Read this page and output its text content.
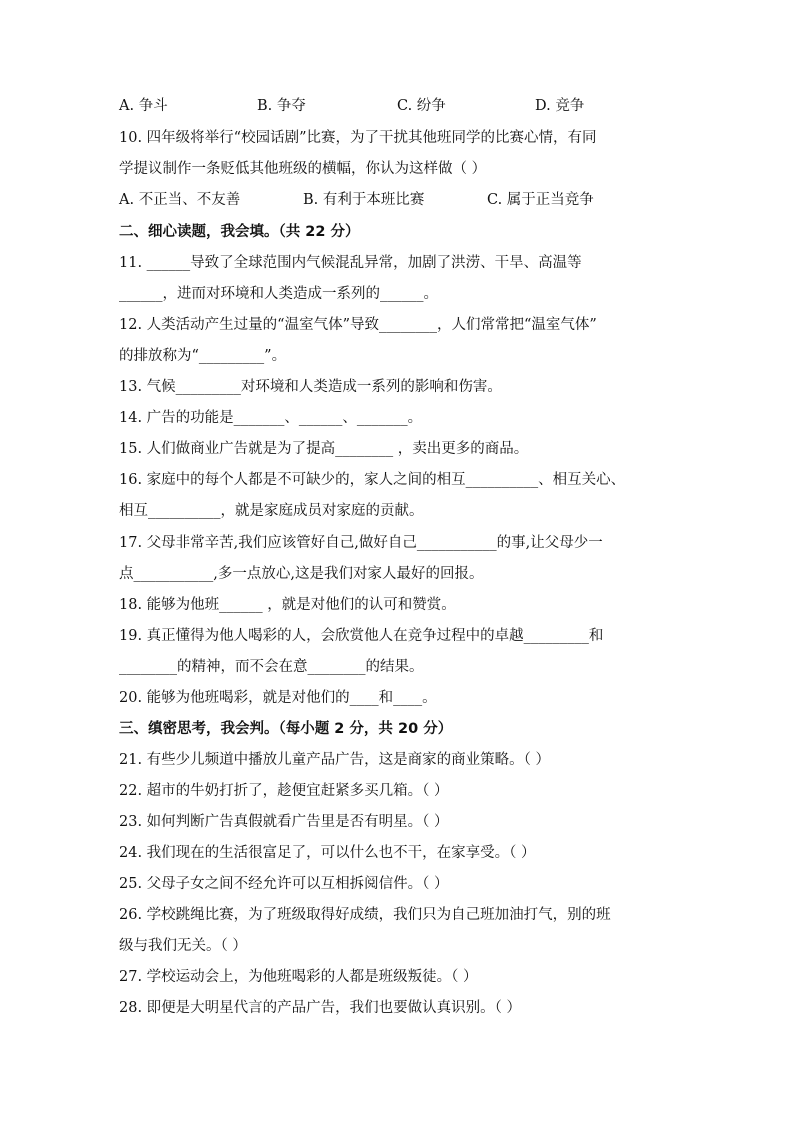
A. 争斗	B. 争夺	C. 纷争	D. 竞争
10. 四年级将举行“校园话剧”比赛，为了干扰其他班同学的比赛心情，有同
学提议制作一条贬低其他班级的横幅，你认为这样做（ ）
A. 不正当、不友善	B. 有利于本班比赛	C. 属于正当竞争
二、细心读题，我会填。（共 22 分）
11. ______导致了全球范围内气候混乱异常，加剧了洪涝、干旱、高温等
______，进而对环境和人类造成一系列的______。
12. 人类活动产生过量的“温室气体”导致________，人们常常把“温室气体”
的排放称为“_________”。
13. 气候_________对环境和人类造成一系列的影响和伤害。
14. 广告的功能是_______、______、_______。
15. 人们做商业广告就是为了提高________ ，卖出更多的商品。
16. 家庭中的每个人都是不可缺少的，家人之间的相互__________、相互关心、
相互__________，就是家庭成员对家庭的贡献。
17. 父母非常辛苦,我们应该管好自己,做好自己___________的事,让父母少一
点___________,多一点放心,这是我们对家人最好的回报。
18. 能够为他班______ ，就是对他们的认可和赞赏。
19. 真正懂得为他人喝彩的人，会欣赏他人在竞争过程中的卓越_________和
________的精神，而不会在意________的结果。
20. 能够为他班喝彩，就是对他们的____和____。
三、缜密思考，我会判。（每小题 2 分，共 20 分）
21. 有些少儿频道中播放儿童产品广告，这是商家的商业策略。（ ）
22. 超市的牛奶打折了，趁便宜赶紧多买几箱。（ ）
23. 如何判断广告真假就看广告里是否有明星。（ ）
24. 我们现在的生活很富足了，可以什么也不干，在家享受。（ ）
25. 父母子女之间不经允许可以互相拆阅信件。（ ）
26. 学校跳绳比赛，为了班级取得好成绩，我们只为自己班加油打气，别的班
级与我们无关。（ ）
27. 学校运动会上，为他班喝彩的人都是班级叛徒。（ ）
28. 即便是大明星代言的产品广告，我们也要做认真识别。（ ）
